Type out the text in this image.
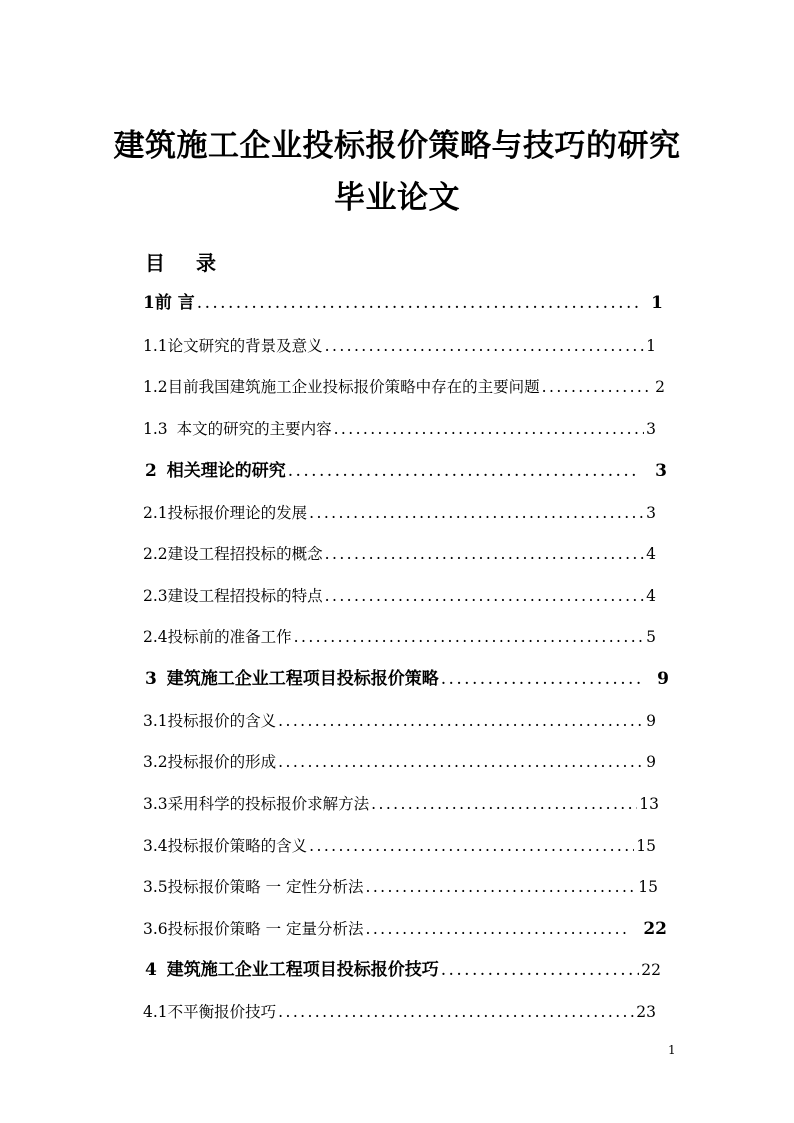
建筑施工企业投标报价策略与技巧的研究
毕业论文
目 录
1 前 言 .....	1
1.1 论文研究的背景及意义 .....	1
1.2 目前我国建筑施工企业投标报价策略中存在的主要问题 .....	2
1.3 本文的研究的主要内容 .....	3
2 相关理论的研究 .....	3
2.1 投标报价理论的发展 .....	3
2.2 建设工程招投标的概念 .....	4
2.3 建设工程招投标的特点 .....	4
2.4 投标前的准备工作 .....	5
3 建筑施工企业工程项目投标报价策略 .....	9
3.1 投标报价的含义 .....	9
3.2 投标报价的形成 .....	9
3.3 采用科学的投标报价求解方法 .....	13
3.4 投标报价策略的含义 .....	15
3.5 投标报价策略 一 定性分析法 .....	15
3.6 投标报价策略 一 定量分析法 .....	22
4 建筑施工企业工程项目投标报价技巧 .....	22
4.1 不平衡报价技巧 .....	23
1
